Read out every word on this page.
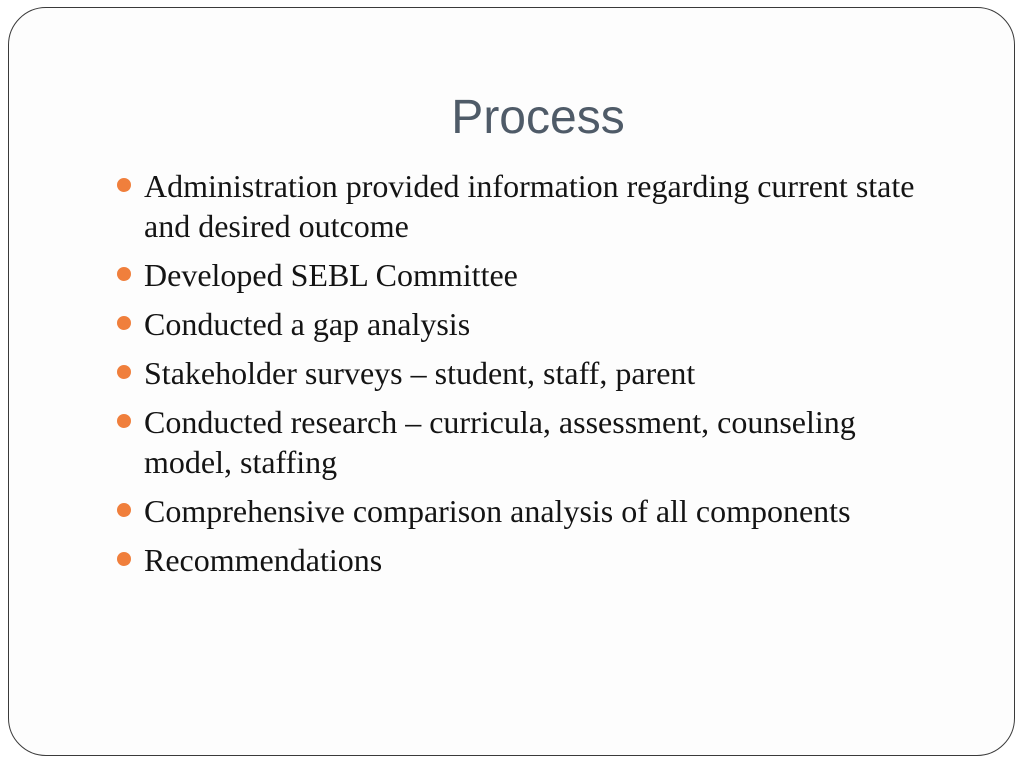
Process
Administration provided information regarding current state and desired outcome
Developed SEBL Committee
Conducted a gap analysis
Stakeholder surveys – student, staff, parent
Conducted research – curricula, assessment, counseling model, staffing
Comprehensive comparison analysis of all components
Recommendations
